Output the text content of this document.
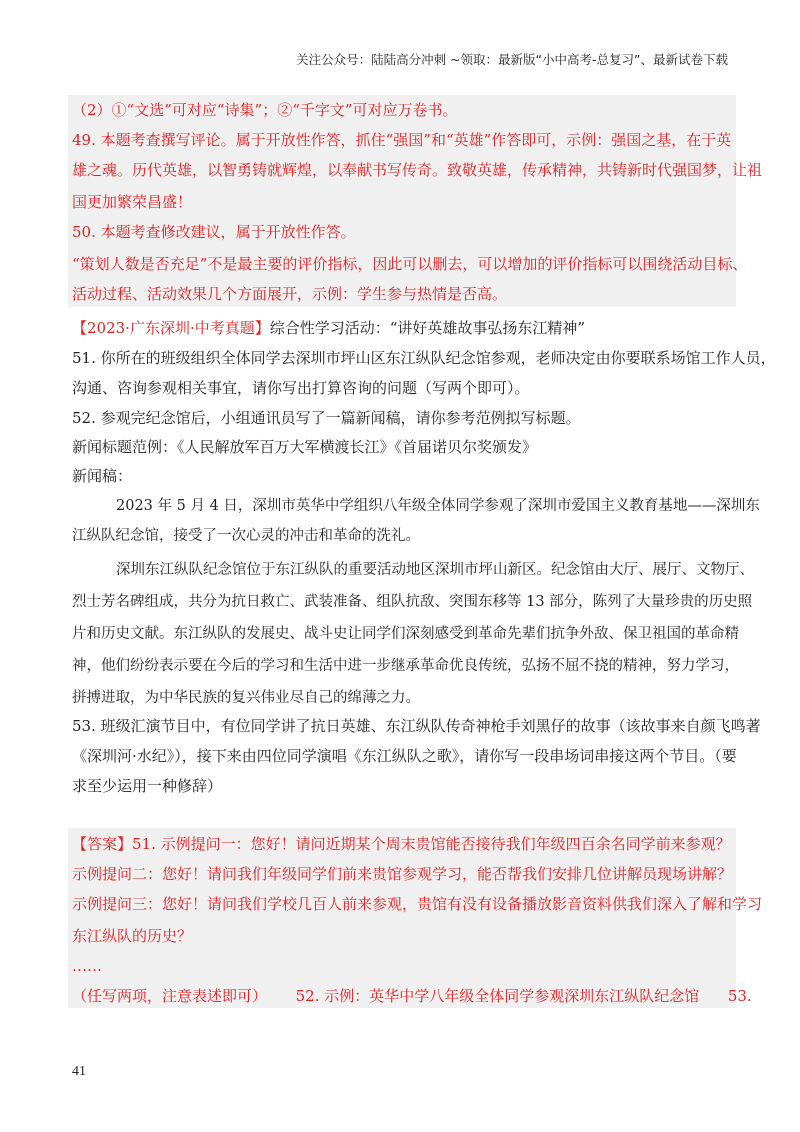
关注公众号：陆陆高分冲刺 ~领取：最新版“小中高考-总复习”、最新试卷下载
（2）①“文选”可对应“诗集”；②“千字文”可对应万卷书。
49. 本题考查撰写评论。属于开放性作答，抓住“强国”和“英雄”作答即可，示例：强国之基，在于英
雄之魂。历代英雄，以智勇铸就辉煌，以奉献书写传奇。致敬英雄，传承精神，共铸新时代强国梦，让祖
国更加繁荣昌盛！
50. 本题考查修改建议，属于开放性作答。
“策划人数是否充足”不是最主要的评价指标，因此可以删去，可以增加的评价指标可以围绕活动目标、
活动过程、活动效果几个方面展开，示例：学生参与热情是否高。
【2023·广东深圳·中考真题】综合性学习活动：“讲好英雄故事弘扬东江精神”
51. 你所在的班级组织全体同学去深圳市坪山区东江纵队纪念馆参观，老师决定由你要联系场馆工作人员，
沟通、咨询参观相关事宜，请你写出打算咨询的问题（写两个即可）。
52. 参观完纪念馆后，小组通讯员写了一篇新闻稿，请你参考范例拟写标题。
新闻标题范例：《人民解放军百万大军横渡长江》《首届诺贝尔奖颁发》
新闻稿：
2023 年 5 月 4 日，深圳市英华中学组织八年级全体同学参观了深圳市爱国主义教育基地——深圳东
江纵队纪念馆，接受了一次心灵的冲击和革命的洗礼。
深圳东江纵队纪念馆位于东江纵队的重要活动地区深圳市坪山新区。纪念馆由大厅、展厅、文物厅、
烈士芳名碑组成，共分为抗日救亡、武装准备、组队抗敌、突围东移等 13 部分，陈列了大量珍贵的历史照
片和历史文献。东江纵队的发展史、战斗史让同学们深刻感受到革命先辈们抗争外敌、保卫祖国的革命精
神，他们纷纷表示要在今后的学习和生活中进一步继承革命优良传统，弘扬不屈不挠的精神，努力学习，
拼搏进取，为中华民族的复兴伟业尽自己的绵薄之力。
53. 班级汇演节目中，有位同学讲了抗日英雄、东江纵队传奇神枪手刘黑仔的故事（该故事来自颜飞鸣著
《深圳河·水纪》），接下来由四位同学演唱《东江纵队之歌》，请你写一段串场词串接这两个节目。（要
求至少运用一种修辞）
【答案】51. 示例提问一：您好！请问近期某个周末贵馆能否接待我们年级四百余名同学前来参观？
示例提问二：您好！请问我们年级同学们前来贵馆参观学习，能否帮我们安排几位讲解员现场讲解？
示例提问三：您好！请问我们学校几百人前来参观，贵馆有没有设备播放影音资料供我们深入了解和学习
东江纵队的历史？
……
（任写两项，注意表述即可）      52. 示例：英华中学八年级全体同学参观深圳东江纵队纪念馆      53.
41
